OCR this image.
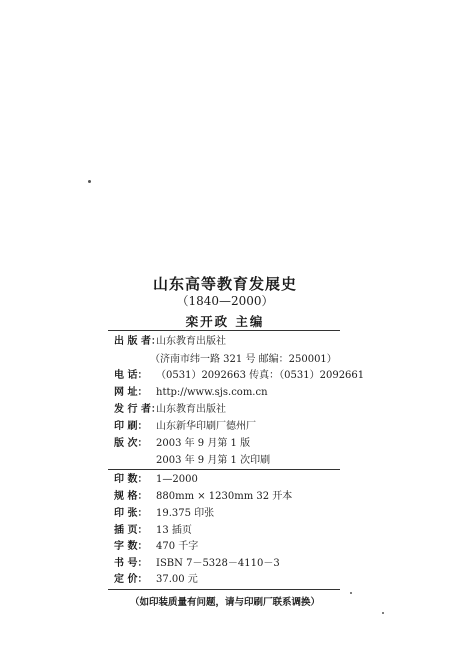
山东高等教育发展史
（1840—2000）
栾开政 主编
出 版 者：山东教育出版社
（济南市纬一路 321 号 邮编：250001）
电 话： （0531）2092663 传真：（0531）2092661
网 址： http://www.sjs.com.cn
发 行 者：山东教育出版社
印 刷： 山东新华印刷厂德州厂
版 次： 2003 年 9 月第 1 版
2003 年 9 月第 1 次印刷
印 数： 1—2000
规 格： 880mm × 1230mm 32 开本
印 张： 19.375 印张
插 页： 13 插页
字 数： 470 千字
书 号： ISBN 7－5328－4110－3
定 价： 37.00 元
（如印装质量有问题，请与印刷厂联系调换）
